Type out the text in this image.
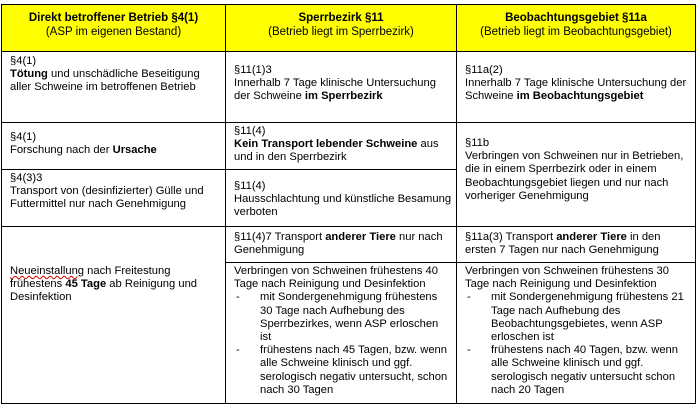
Direkt betroffener Betrieb §4(1)
(ASP im eigenen Bestand)
Sperrbezirk §11
(Betrieb liegt im Sperrbezirk)
Beobachtungsgebiet §11a
(Betrieb liegt im Beobachtungsgebiet)
§4(1)
Tötung und unschädliche Beseitigung aller Schweine im betroffenen Betrieb
§4(1)
Forschung nach der Ursache
§4(3)3
Transport von (desinfizierter) Gülle und Futtermittel nur nach Genehmigung
Neueinstallung nach Freitestung frühestens 45 Tage ab Reinigung und Desinfektion
§11(1)3
Innerhalb 7 Tage klinische Untersuchung der Schweine im Sperrbezirk
§11(4)
Kein Transport lebender Schweine aus und in den Sperrbezirk
§11(4)
Hausschlachtung und künstliche Besamung verboten
§11(4)7 Transport anderer Tiere nur nach Genehmigung
Verbringen von Schweinen frühestens 40 Tage nach Reinigung und Desinfektion
- mit Sondergenehmigung frühestens 30 Tage nach Aufhebung des Sperrbezirkes, wenn ASP erloschen ist
- frühestens nach 45 Tagen, bzw. wenn alle Schweine klinisch und ggf. serologisch negativ untersucht, schon nach 30 Tagen
§11a(2)
Innerhalb 7 Tage klinische Untersuchung der Schweine im Beobachtungsgebiet
§11b
Verbringen von Schweinen nur in Betrieben, die in einem Sperrbezirk oder in einem Beobachtungsgebiet liegen und nur nach vorheriger Genehmigung
§11a(3) Transport anderer Tiere in den ersten 7 Tagen nur nach Genehmigung
Verbringen von Schweinen frühestens 30 Tage nach Reinigung und Desinfektion
- mit Sondergenehmigung frühestens 21 Tage nach Aufhebung des Beobachtungsgebietes, wenn ASP erloschen ist
- frühestens nach 40 Tagen, bzw. wenn alle Schweine klinisch und ggf. serologisch negativ untersucht schon nach 20 Tagen
